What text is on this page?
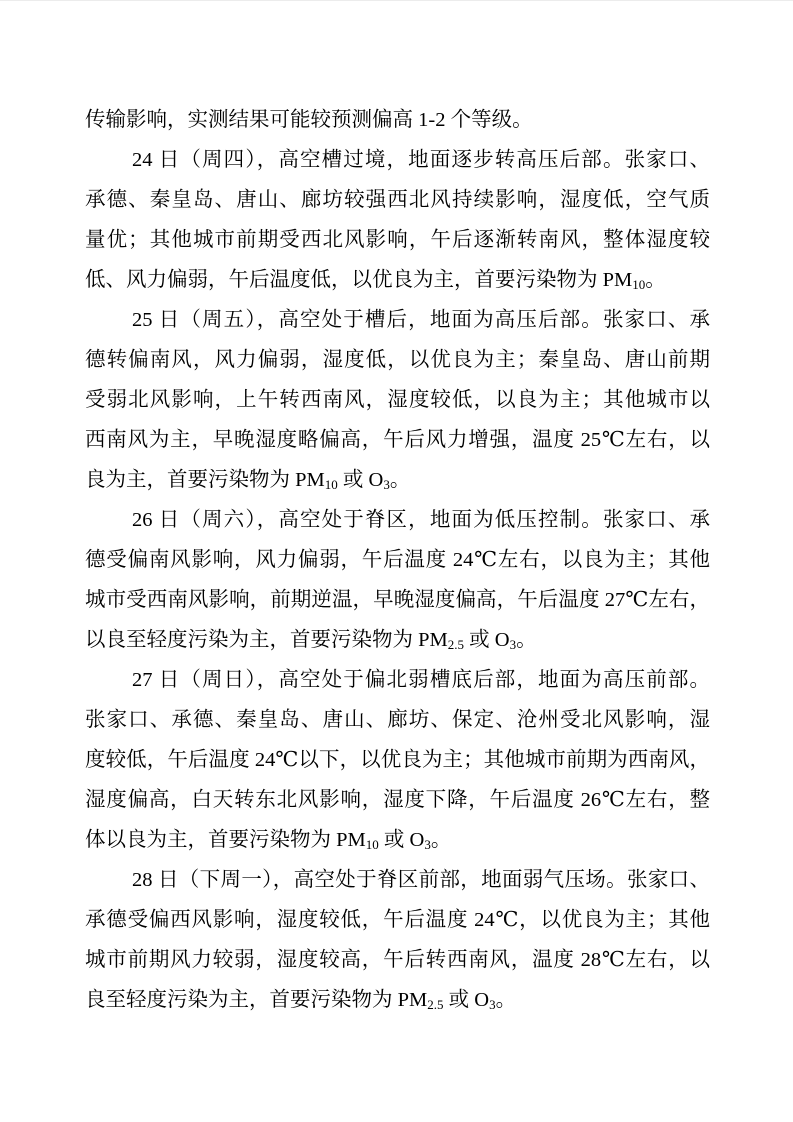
传输影响，实测结果可能较预测偏高 1-2 个等级。
24 日（周四），高空槽过境，地面逐步转高压后部。张家口、
承德、秦皇岛、唐山、廊坊较强西北风持续影响，湿度低，空气质
量优；其他城市前期受西北风影响，午后逐渐转南风，整体湿度较
低、风力偏弱，午后温度低，以优良为主，首要污染物为 $PM_{10}$。
25 日（周五），高空处于槽后，地面为高压后部。张家口、承
德转偏南风，风力偏弱，湿度低，以优良为主；秦皇岛、唐山前期
受弱北风影响，上午转西南风，湿度较低，以良为主；其他城市以
西南风为主，早晚湿度略偏高，午后风力增强，温度 25℃左右，以
良为主，首要污染物为 $PM_{10}$ 或 $O_3$。
26 日（周六），高空处于脊区，地面为低压控制。张家口、承
德受偏南风影响，风力偏弱，午后温度 24℃左右，以良为主；其他
城市受西南风影响，前期逆温，早晚湿度偏高，午后温度 27℃左右，
以良至轻度污染为主，首要污染物为 $PM_{2.5}$ 或 $O_3$。
27 日（周日），高空处于偏北弱槽底后部，地面为高压前部。
张家口、承德、秦皇岛、唐山、廊坊、保定、沧州受北风影响，湿
度较低，午后温度 24℃以下，以优良为主；其他城市前期为西南风，
湿度偏高，白天转东北风影响，湿度下降，午后温度 26℃左右，整
体以良为主，首要污染物为 $PM_{10}$ 或 $O_3$。
28 日（下周一），高空处于脊区前部，地面弱气压场。张家口、
承德受偏西风影响，湿度较低，午后温度 24℃，以优良为主；其他
城市前期风力较弱，湿度较高，午后转西南风，温度 28℃左右，以
良至轻度污染为主，首要污染物为 $PM_{2.5}$ 或 $O_3$。
